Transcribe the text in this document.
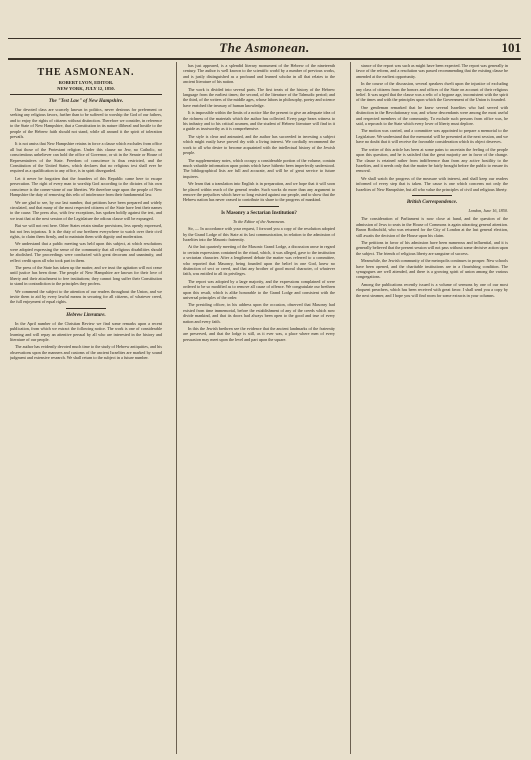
The Asmonean.	101
THE ASMONEAN.
ROBERT LYON, EDITOR.
NEW YORK, JULY 12, 1850.
The "Test Law" of New Hampshire.

Our devoted class are scarcely known in politics, never desirous for preferment or seeking any religious favors, further than to be suffered to worship the God of our fathers, and to enjoy the rights of citizens without distinction. Therefore we consider, in reference to the State of New Hampshire, that a Constitution in its nature illiberal and hostile to the people of the Hebrew faith should not stand, while all around it the spirit of toleration prevails.

It is not amiss that New Hampshire retains in force a clause which excludes from office all but those of the Protestant religion. Under this clause no Jew, no Catholic, no conscientious unbeliever can hold the office of Governor, or sit in the Senate or House of Representatives of the State. Freedom of conscience is thus restricted, and the Constitution of the United States, which declares that no religious test shall ever be required as a qualification to any office, is in spirit disregarded.

Let it never be forgotten that the founders of this Republic came here to escape persecution. The right of every man to worship God according to the dictates of his own conscience is the corner-stone of our liberties. We therefore urge upon the people of New Hampshire the duty of removing this relic of intolerance from their fundamental law.

We are glad to see, by our last number, that petitions have been prepared and widely circulated, and that many of the most respected citizens of the State have lent their names to the cause. The press also, with few exceptions, has spoken boldly against the test, and we trust that at the next session of the Legislature the odious clause will be expunged.

But we will not rest here. Other States retain similar provisions, less openly expressed, but not less injurious. It is the duty of our brethren everywhere to watch over their civil rights, to claim them firmly, and to maintain them with dignity and moderation.

We understand that a public meeting was held upon this subject, at which resolutions were adopted expressing the sense of the community that all religious disabilities should be abolished. The proceedings were conducted with great decorum and unanimity, and reflect credit upon all who took part in them.

The press of the State has taken up the matter, and we trust the agitation will not cease until justice has been done. The people of New Hampshire are known for their love of liberty and their attachment to free institutions; they cannot long suffer their Constitution to stand in contradiction to the principles they profess.

We commend the subject to the attention of our readers throughout the Union, and we invite them to aid by every lawful means in securing for all citizens, of whatever creed, the full enjoyment of equal rights.

Hebrew Literature.

In the April number of the Christian Review we find some remarks upon a recent publication, from which we extract the following notice. The work is one of considerable learning and will repay an attentive perusal by all who are interested in the history and literature of our people.

The author has evidently devoted much time to the study of Hebrew antiquities, and his observations upon the manners and customs of the ancient Israelites are marked by sound judgment and extensive research. We shall return to the subject in a future number.

has just appeared, is a splendid literary monument of the Hebrew of the nineteenth century. The author is well known to the scientific world by a number of previous works, and is justly distinguished as a profound and learned scholar in all that relates to the ancient literature of his nation.

The work is divided into several parts. The first treats of the history of the Hebrew language from the earliest times; the second, of the literature of the Talmudic period; and the third, of the writers of the middle ages, whose labors in philosophy, poetry and science have enriched the treasury of human knowledge.

It is impossible within the limits of a notice like the present to give an adequate idea of the richness of the materials which the author has collected. Every page bears witness to his industry and to his critical acumen, and the student of Hebrew literature will find in it a guide as trustworthy as it is comprehensive.

The style is clear and animated, and the author has succeeded in investing a subject which might easily have proved dry with a living interest. We cordially recommend the work to all who desire to become acquainted with the intellectual history of the Jewish people.

The supplementary notes, which occupy a considerable portion of the volume, contain much valuable information upon points which have hitherto been imperfectly understood. The bibliographical lists are full and accurate, and will be of great service to future inquirers.

We learn that a translation into English is in preparation, and we hope that it will soon be placed within reach of the general reader. Such works do more than any argument to remove the prejudices which have so long existed against our people, and to show that the Hebrew nation has never ceased to contribute its share to the progress of mankind.

Is Masonry a Sectarian Institution?
To the Editor of the Asmonean.

Sir, — In accordance with your request, I forward you a copy of the resolution adopted by the Grand Lodge of this State at its last communication, in relation to the admission of Israelites into the Masonic fraternity.

At the last quarterly meeting of the Masonic Grand Lodge, a discussion arose in regard to certain expressions contained in the ritual, which, it was alleged, gave to the institution a sectarian character. After a lengthened debate the matter was referred to a committee, who reported that Masonry, being founded upon the belief in one God, knew no distinction of sect or creed, and that any brother of good moral character, of whatever faith, was entitled to all its privileges.

The report was adopted by a large majority, and the expressions complained of were ordered to be so modified as to remove all cause of offence. We congratulate our brethren upon this result, which is alike honorable to the Grand Lodge and consistent with the universal principles of the order.

The presiding officer, in his address upon the occasion, observed that Masonry had existed from time immemorial, before the establishment of any of the creeds which now divide mankind, and that its doors had always been open to the good and true of every nation and every faith.

In this the Jewish brethren see the evidence that the ancient landmarks of the fraternity are preserved, and that the lodge is still, as it ever was, a place where men of every persuasion may meet upon the level and part upon the square.

stance of the report was such as might have been expected. The report was generally in favor of the reform, and a resolution was passed recommending that the existing clause be amended at the earliest opportunity.

In the course of the discussion, several speakers dwelt upon the injustice of excluding any class of citizens from the honors and offices of the State on account of their religious belief. It was urged that the clause was a relic of a bygone age, inconsistent with the spirit of the times and with the principles upon which the Government of the Union is founded.

One gentleman remarked that he knew several Israelites who had served with distinction in the Revolutionary war, and whose descendants were among the most useful and respected members of the community. To exclude such persons from office was, he said, a reproach to the State which every lover of liberty must deplore.

The motion was carried, and a committee was appointed to prepare a memorial to the Legislature. We understand that the memorial will be presented at the next session, and we have no doubt that it will receive the favorable consideration which its object deserves.

The writer of this article has been at some pains to ascertain the feeling of the people upon this question, and he is satisfied that the great majority are in favor of the change. The clause is retained rather from indifference than from any active hostility to the Israelites, and it needs only that the matter be fairly brought before the public to ensure its removal.

We shall watch the progress of the measure with interest, and shall keep our readers informed of every step that is taken. The cause is one which concerns not only the Israelites of New Hampshire, but all who value the principles of civil and religious liberty.

British Correspondence.
London, June 16, 1850.

The consideration of Parliament is now close at hand, and the question of the admission of Jews to seats in the House of Commons is again attracting general attention. Baron Rothschild, who was returned for the City of London at the last general election, still awaits the decision of the House upon his claim.

The petitions in favor of his admission have been numerous and influential, and it is generally believed that the present session will not pass without some decisive action upon the subject. The friends of religious liberty are sanguine of success.

Meanwhile, the Jewish community of the metropolis continues to prosper. New schools have been opened, and the charitable institutions are in a flourishing condition. The synagogues are well attended, and there is a growing spirit of union among the various congregations.

Among the publications recently issued is a volume of sermons by one of our most eloquent preachers, which has been received with great favor. I shall send you a copy by the next steamer, and I hope you will find room for some extracts in your columns.
